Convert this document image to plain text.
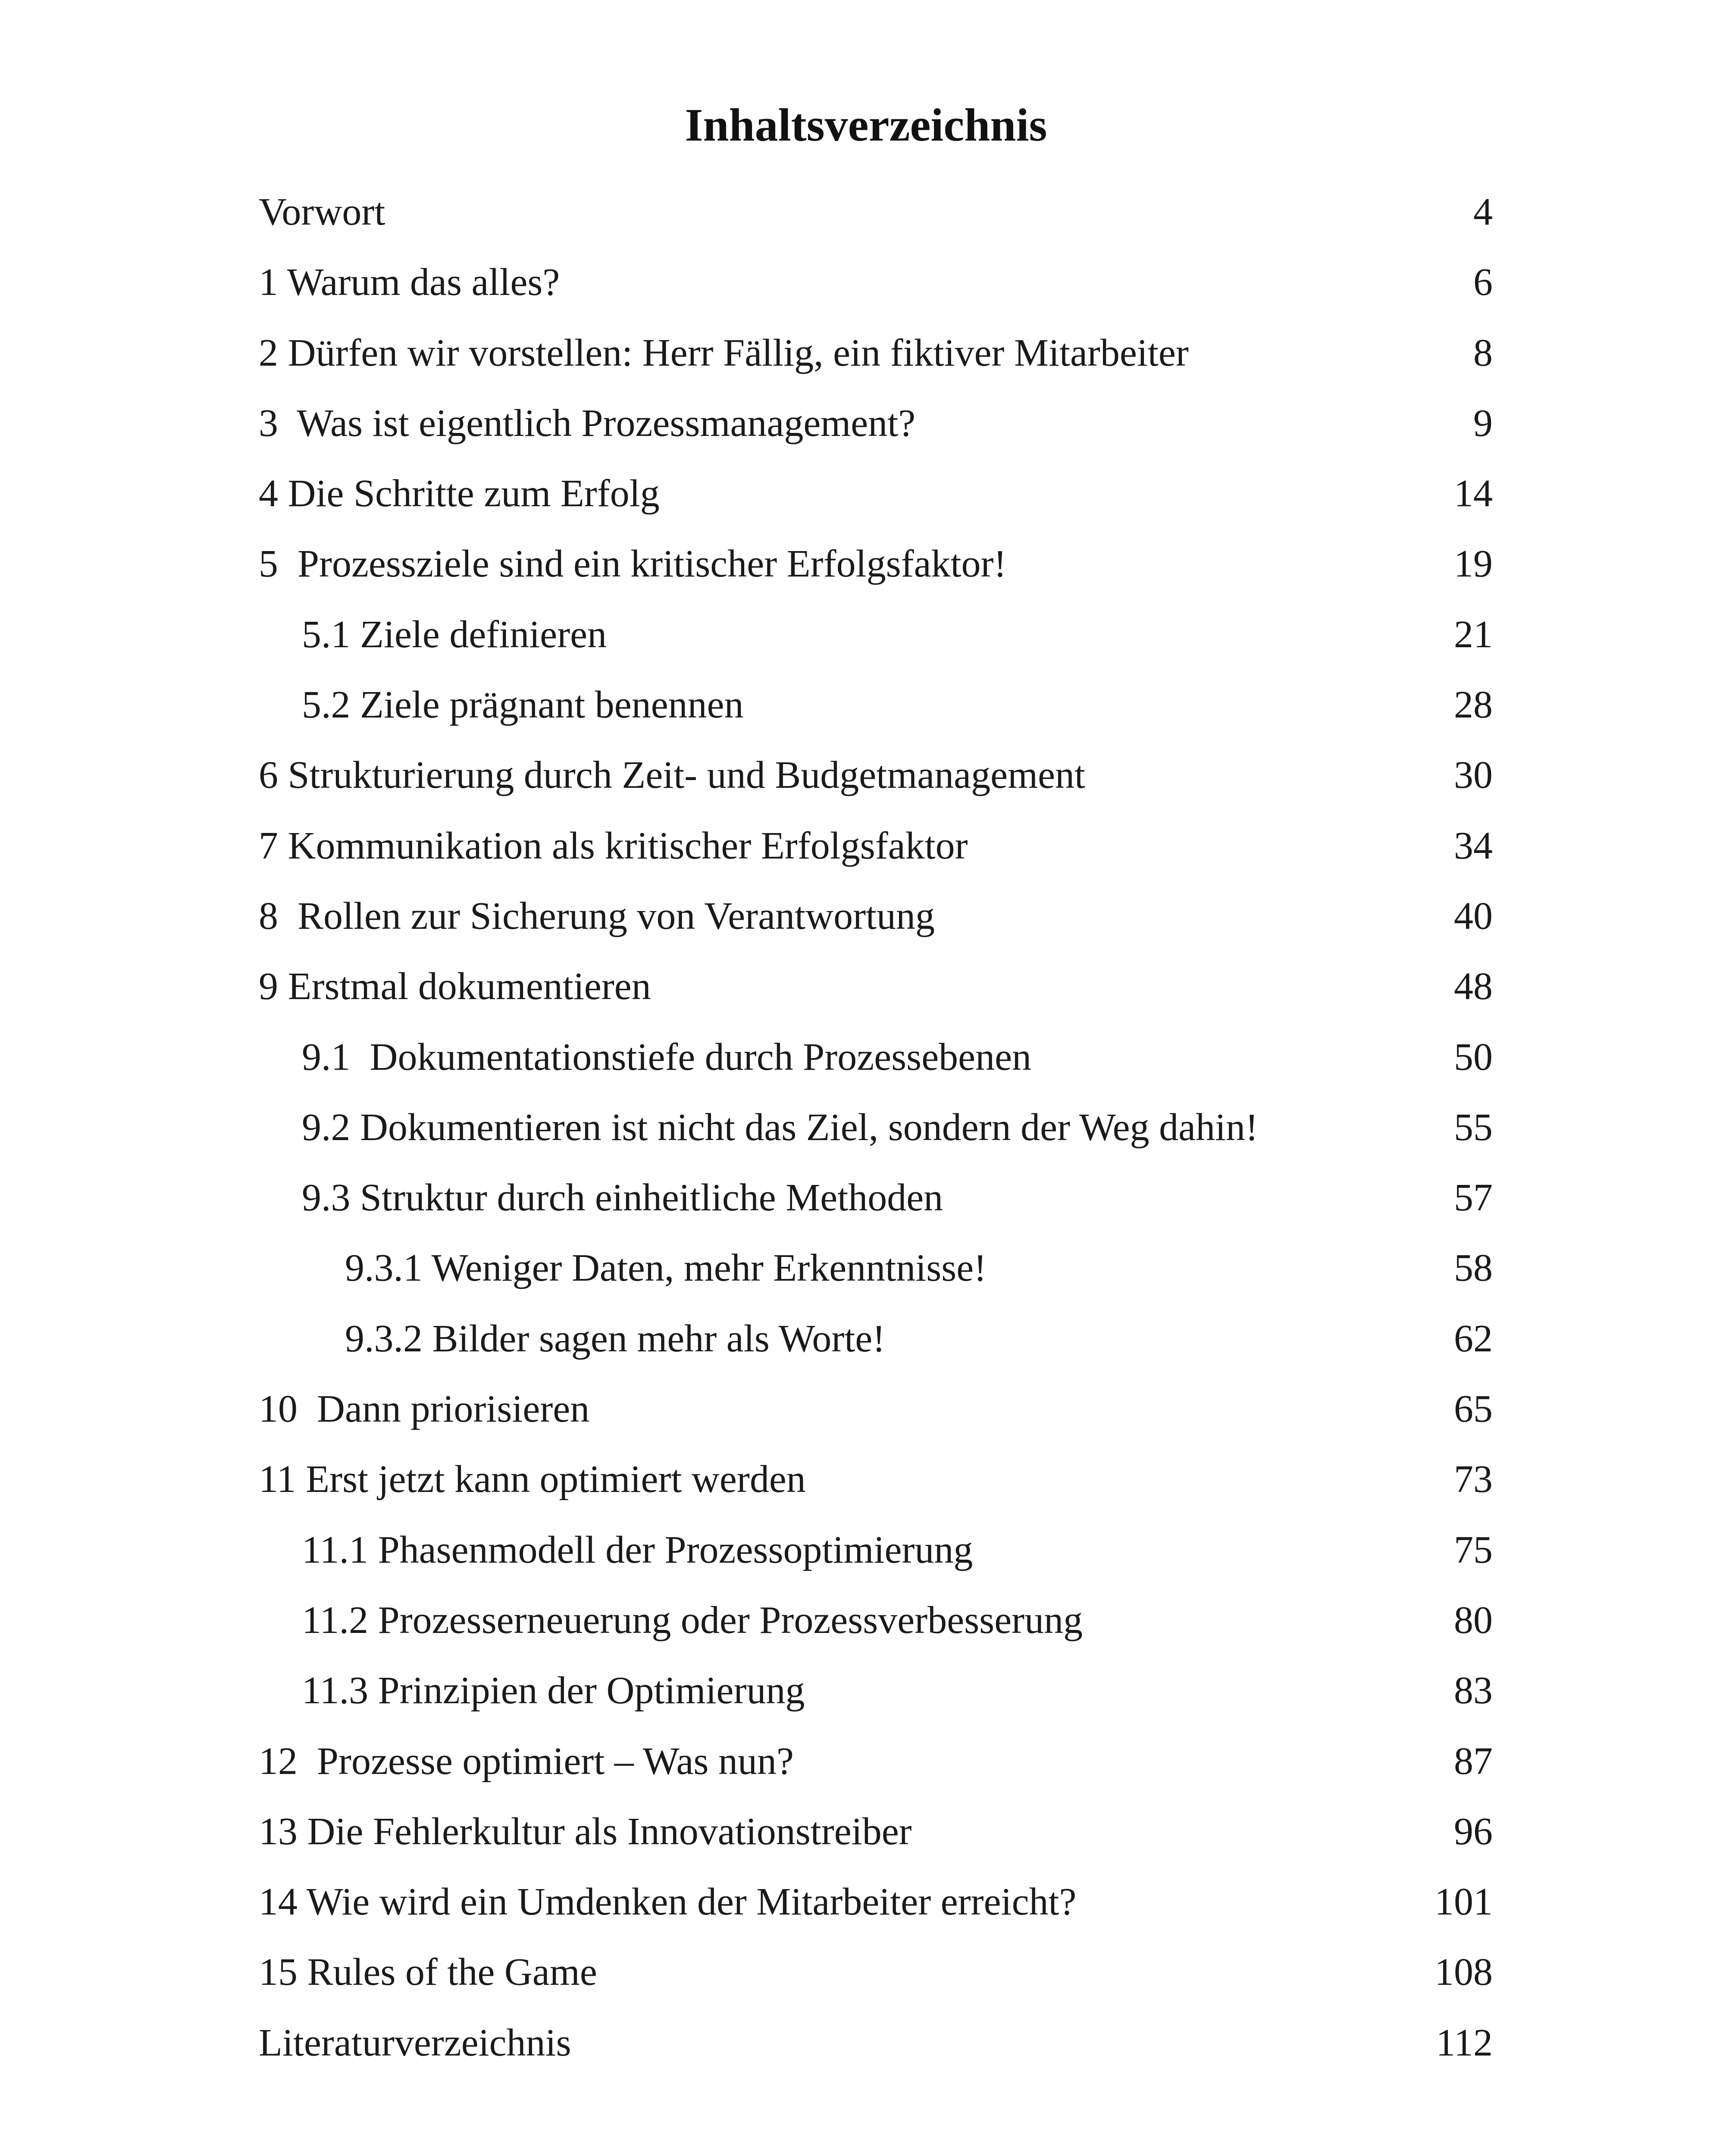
Inhaltsverzeichnis
Vorwort	4
1 Warum das alles?	6
2 Dürfen wir vorstellen: Herr Fällig, ein fiktiver Mitarbeiter	8
3  Was ist eigentlich Prozessmanagement?	9
4 Die Schritte zum Erfolg	14
5  Prozessziele sind ein kritischer Erfolgsfaktor!	19
5.1 Ziele definieren	21
5.2 Ziele prägnant benennen	28
6 Strukturierung durch Zeit- und Budgetmanagement	30
7 Kommunikation als kritischer Erfolgsfaktor	34
8  Rollen zur Sicherung von Verantwortung	40
9 Erstmal dokumentieren	48
9.1  Dokumentationstiefe durch Prozessebenen	50
9.2 Dokumentieren ist nicht das Ziel, sondern der Weg dahin!	55
9.3 Struktur durch einheitliche Methoden	57
9.3.1 Weniger Daten, mehr Erkenntnisse!	58
9.3.2 Bilder sagen mehr als Worte!	62
10  Dann priorisieren	65
11 Erst jetzt kann optimiert werden	73
11.1 Phasenmodell der Prozessoptimierung	75
11.2 Prozesserneuerung oder Prozessverbesserung	80
11.3 Prinzipien der Optimierung	83
12  Prozesse optimiert – Was nun?	87
13 Die Fehlerkultur als Innovationstreiber	96
14 Wie wird ein Umdenken der Mitarbeiter erreicht?	101
15 Rules of the Game	108
Literaturverzeichnis	112
